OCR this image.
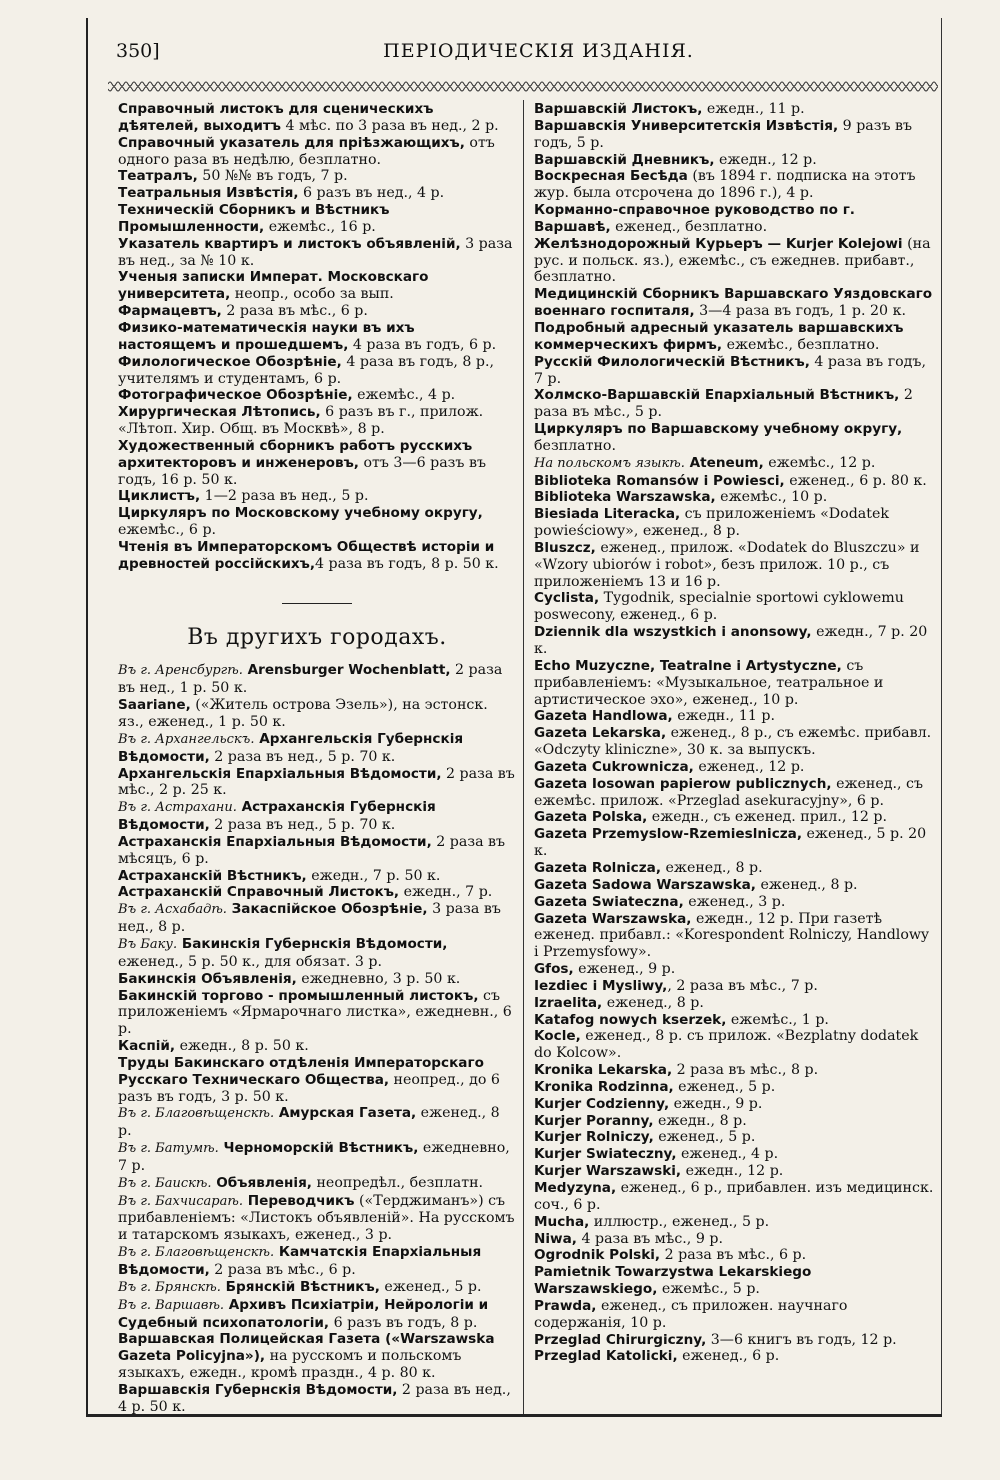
350]	ПЕРІОДИЧЕСКІЯ ИЗДАНІЯ.

Справочный листокъ для сценическихъ дѣятелей, выходитъ 4 мѣс. по 3 раза въ нед., 2 р.

Справочный указатель для пріѣзжающихъ, отъ одного раза въ недѣлю, безплатно.

Театралъ, 50 №№ въ годъ, 7 р.

Театральныя Извѣстія, 6 разъ въ нед., 4 р.

Техническій Сборникъ и Вѣстникъ Промышленности, ежемѣс., 16 р.

Указатель квартиръ и листокъ объявленій, 3 раза въ нед., за № 10 к.

Ученыя записки Императ. Московскаго университета, неопр., особо за вып.

Фармацевтъ, 2 раза въ мѣс., 6 р.

Физико-математическія науки въ ихъ настоящемъ и прошедшемъ, 4 раза въ годъ, 6 р.

Филологическое Обозрѣніе, 4 раза въ годъ, 8 р., учителямъ и студентамъ, 6 р.

Фотографическое Обозрѣніе, ежемѣс., 4 р.

Хирургическая Лѣтопись, 6 разъ въ г., прилож. «Лѣтоп. Хир. Общ. въ Москвѣ», 8 р.

Художественный сборникъ работъ русскихъ архитекторовъ и инженеровъ, отъ 3—6 разъ въ годъ, 16 р. 50 к.

Циклистъ, 1—2 раза въ нед., 5 р.

Циркуляръ по Московскому учебному округу, ежемѣс., 6 р.

Чтенія въ Императорскомъ Обществѣ исторіи и древностей россійскихъ,4 раза въ годъ, 8 р. 50 к.

Въ другихъ городахъ.

Въ г. Аренсбургѣ. Arensburger Wochenblatt, 2 раза въ нед., 1 р. 50 к.

Saariane, («Житель острова Эзель»), на эстонск. яз., еженед., 1 р. 50 к.

Въ г. Архангельскъ. Архангельскія Губернскія Вѣдомости, 2 раза въ нед., 5 р. 70 к.

Архангельскія Епархіальныя Вѣдомости, 2 раза въ мѣс., 2 р. 25 к.

Въ г. Астрахани. Астраханскія Губернскія Вѣдомости, 2 раза въ нед., 5 р. 70 к.

Астраханскія Епархіальныя Вѣдомости, 2 раза въ мѣсяцъ, 6 р.

Астраханскій Вѣстникъ, ежедн., 7 р. 50 к.

Астраханскій Справочный Листокъ, ежедн., 7 р.

Въ г. Асхабадѣ. Закаспійское Обозрѣніе, 3 раза въ нед., 8 р.

Въ Баку. Бакинскія Губернскія Вѣдомости, еженед., 5 р. 50 к., для обязат. 3 р.

Бакинскія Объявленія, ежедневно, 3 р. 50 к.

Бакинскій торгово - промышленный листокъ, съ приложеніемъ «Ярмарочнаго листка», ежедневн., 6 р.

Каспій, ежедн., 8 р. 50 к.

Труды Бакинскаго отдѣленія Императорскаго Русскаго Техническаго Общества, неопред., до 6 разъ въ годъ, 3 р. 50 к.

Въ г. Благовѣщенскѣ. Амурская Газета, еженед., 8 р.

Въ г. Батумѣ. Черноморскій Вѣстникъ, ежедневно, 7 р.

Въ г. Бauскѣ. Объявленія, неопредѣл., безплатн.

Въ г. Бахчисараѣ. Переводчикъ («Терджиманъ») съ прибавленіемъ: «Листокъ объявленій». На русскомъ и татарскомъ языкахъ, еженед., 3 р.

Въ г. Благовѣщенскѣ. Камчатскія Епархіальныя Вѣдомости, 2 раза въ мѣс., 6 р.

Въ г. Брянскѣ. Брянскій Вѣстникъ, еженед., 5 р.

Въ г. Варшавѣ. Архивъ Психіатріи, Нейрологіи и Судебный психопатологіи, 6 разъ въ годъ, 8 р.

Варшавская Полицейская Газета («Warszawska Gazeta Policyjna»), на русскомъ и польскомъ языкахъ, ежедн., кромѣ праздн., 4 р. 80 к.

Варшавскія Губернскія Вѣдомости, 2 раза въ нед., 4 р. 50 к.

Варшавскій Листокъ, ежедн., 11 р.

Варшавскія Университетскія Извѣстія, 9 разъ въ годъ, 5 р.

Варшавскій Дневникъ, ежедн., 12 р.

Воскресная Бесѣда (въ 1894 г. подписка на этотъ жур. была отсрочена до 1896 г.), 4 р.

Корманно-справочное руководство по г. Варшавѣ, еженед., безплатно.

Желѣзнодорожный Курьеръ — Kurjer Kolejowi (на рус. и польск. яз.), ежемѣс., съ ежеднев. прибавт., безплатно.

Медицинскій Сборникъ Варшавскаго Уяздовскаго военнаго госпиталя, 3—4 раза въ годъ, 1 р. 20 к.

Подробный адресный указатель варшавскихъ коммерческихъ фирмъ, ежемѣс., безплатно.

Русскій Филологическій Вѣстникъ, 4 раза въ годъ, 7 р.

Холмско-Варшавскій Епархіальный Вѣстникъ, 2 раза въ мѣс., 5 р.

Циркуляръ по Варшавскому учебному округу, безплатно.

На польскомъ языкѣ. Ateneum, ежемѣс., 12 р.

Biblioteka Romansów i Powiesci, еженед., 6 р. 80 к.

Biblioteka Warszawska, ежемѣс., 10 р.

Biesiada Literacka, съ приложеніемъ «Dodatek powieściowy», еженед., 8 р.

Bluszcz, еженед., прилож. «Dodatek do Bluszczu» и «Wzory ubiorów i robot», безъ прилож. 10 р., съ приложеніемъ 13 и 16 р.

Cyclista, Tygodnik, specialnie sportowi cyklowemu poswecony, еженед., 6 р.

Dziennik dla wszystkich i anonsowy, ежедн., 7 р. 20 к.

Echo Muzyczne, Teatralne i Artystyczne, съ прибавленіемъ: «Музыкальное, театральное и артистическое эхо», еженед., 10 р.

Gazeta Handlowa, ежедн., 11 р.

Gazeta Lekarska, еженед., 8 р., съ ежемѣс. прибавл. «Odczyty kliniczne», 30 к. за выпускъ.

Gazeta Cukrownicza, еженед., 12 р.

Gazeta Iosowan papierow publicznych, еженед., съ ежемѣс. прилож. «Przeglad asekuracyjny», 6 р.

Gazeta Polska, ежедн., съ еженед. прил., 12 р.

Gazeta Przemyslow-Rzemieslnicza, еженед., 5 р. 20 к.

Gazeta Rolnicza, еженед., 8 р.

Gazeta Sadowa Warszawska, еженед., 8 р.

Gazeta Swiateczna, еженед., 3 р.

Gazeta Warszawska, ежедн., 12 р. При газетѣ еженед. прибавл.: «Korespondent Rolniczy, Handlowy i Przemysfowy».

Gfos, еженед., 9 р.

Iezdiec i Mysliwy,, 2 раза въ мѣс., 7 р.

Izraelita, еженед., 8 р.

Katafog nowych kserzek, ежемѣс., 1 р.

Kocle, еженед., 8 р. съ прилож. «Bezplatny dodatek do Kolcow».

Kronika Lekarska, 2 раза въ мѣс., 8 р.

Kronika Rodzinna, еженед., 5 р.

Kurjer Codzienny, ежедн., 9 р.

Kurjer Poranny, ежедн., 8 р.

Kurjer Rolniczy, еженед., 5 р.

Kurjer Swiateczny, еженед., 4 р.

Kurjer Warszawski, ежедн., 12 р.

Medyzyna, еженед., 6 р., прибавлен. изъ медицинск. соч., 6 р.

Mucha, иллюстр., еженед., 5 р.

Niwa, 4 раза въ мѣс., 9 р.

Ogrodnik Polski, 2 раза въ мѣс., 6 р.

Pamietnik Towarzystwa Lekarskiego Warszawskiego, ежемѣс., 5 р.

Prawda, еженед., съ приложен. научнаго содержанія, 10 р.

Przeglad Chirurgiczny, 3—6 книгъ въ годъ, 12 р.

Przeglad Katolicki, еженед., 6 р.
